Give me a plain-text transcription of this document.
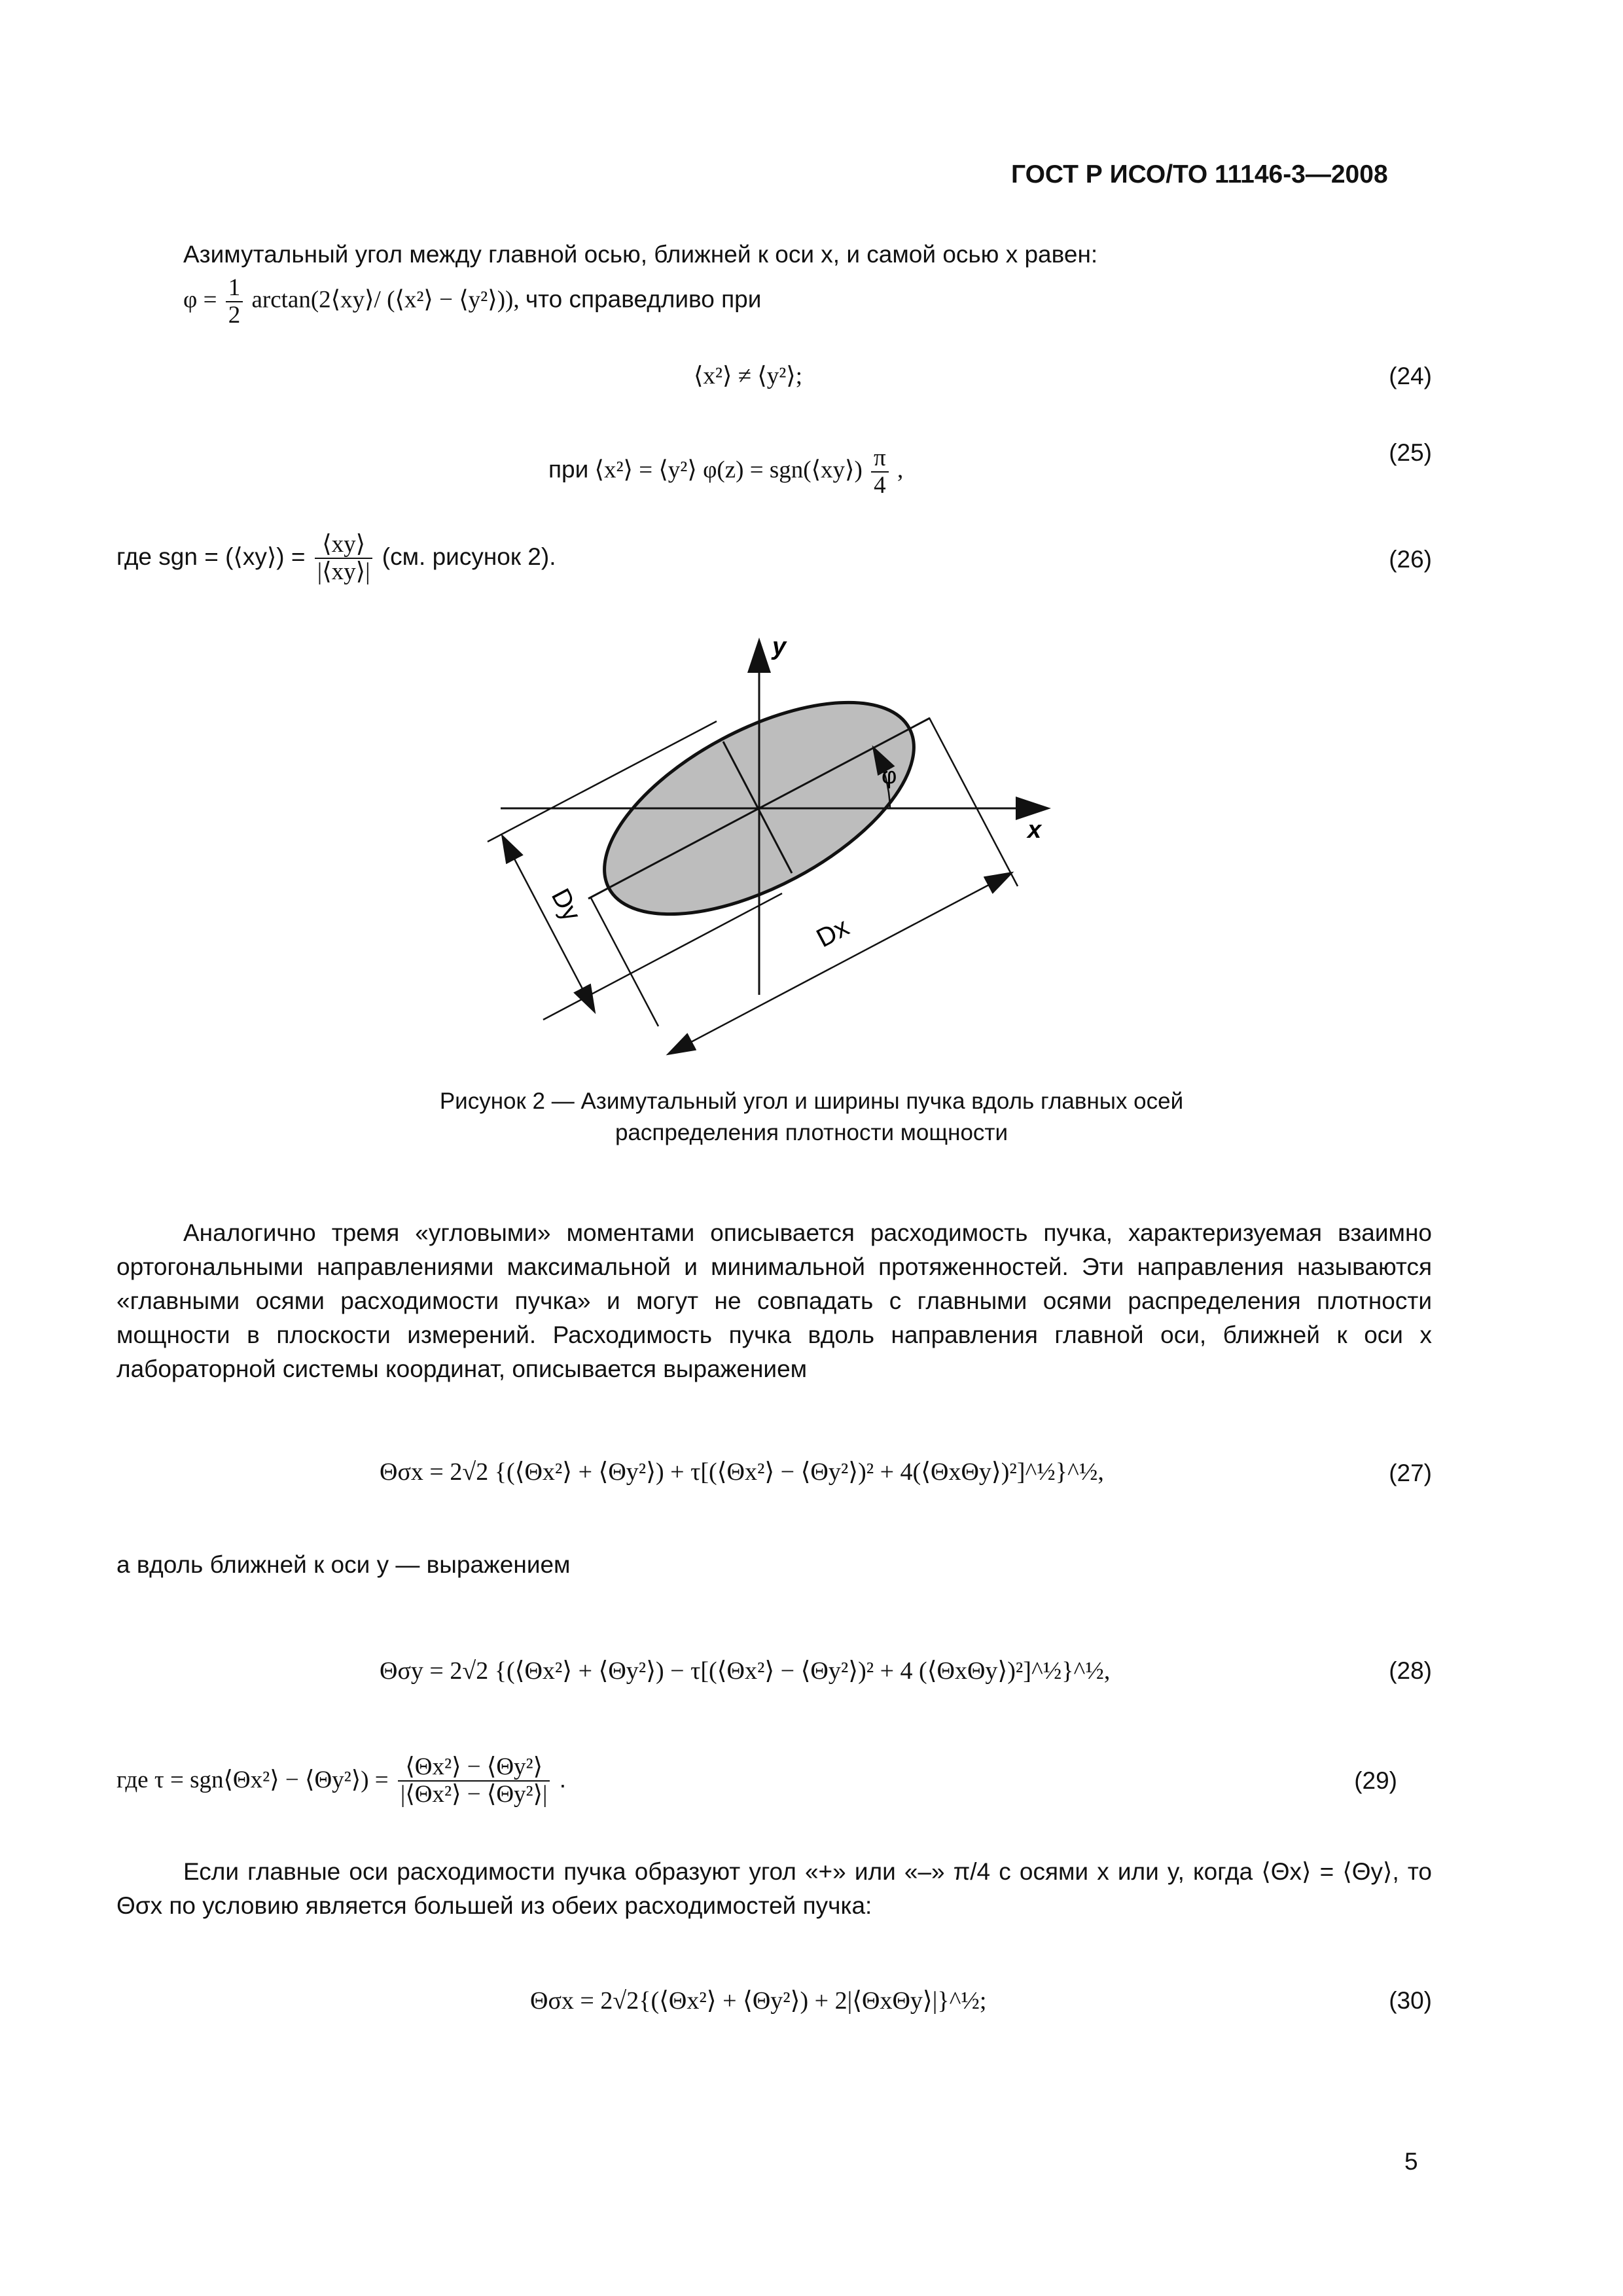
ГОСТ Р ИСО/ТО 11146-3—2008
Азимутальный угол между главной осью, ближней к оси x, и самой осью x равен:
$\varphi = \frac{1}{2}$ arctan(2⟨xy⟩/ (⟨x²⟩ − ⟨y²⟩)), что справедливо при
⟨x²⟩ ≠ ⟨y²⟩;	(24)
при ⟨x²⟩ = ⟨y²⟩ φ(z) = sgn(⟨xy⟩) $\frac{\pi}{4}$ ,
(25)
где sgn = (⟨xy⟩) = $\frac{⟨xy⟩}{|⟨xy⟩|} (см$. рисунок 2).	(26)
y
x
φ
Dx
Dy
Рисунок 2 — Азимутальный угол и ширины пучка вдоль главных осей
распределения плотности мощности
Аналогично тремя «угловыми» моментами описывается расходимость пучка, характеризуемая взаимно ортогональными направлениями максимальной и минимальной протяженностей. Эти направления называются «главными осями расходимости пучка» и могут не совпадать с главными осями распределения плотности мощности в плоскости измерений. Расходимость пучка вдоль направления главной оси, ближней к оси x лабораторной системы координат, описывается выражением
Θσx = 2√2 {(⟨Θx²⟩ + ⟨Θy²⟩) + τ[(⟨Θx²⟩ − ⟨Θy²⟩)² + 4(⟨ΘxΘy⟩)²]^½}^½,	(27)
а вдоль ближней к оси y — выражением
Θσy = 2√2 {(⟨Θx²⟩ + ⟨Θy²⟩) − τ[(⟨Θx²⟩ − ⟨Θy²⟩)² + 4 (⟨ΘxΘy⟩)²]^½}^½,	(28)
где τ = sgn⟨Θx²⟩ − ⟨Θy²⟩) = $\frac{\text{⟨Θx²⟩ − ⟨Θy²⟩}}{\text{|⟨Θx²⟩ − ⟨Θy²⟩|}}$ .	(29)
Если главные оси расходимости пучка образуют угол «+» или «–» π/4 с осями x или y, когда ⟨Θx⟩ = ⟨Θy⟩, то Θσx по условию является большей из обеих расходимостей пучка:
Θσx = 2√2{(⟨Θx²⟩ + ⟨Θy²⟩) + 2|⟨ΘxΘy⟩|}^½;	(30)
5
